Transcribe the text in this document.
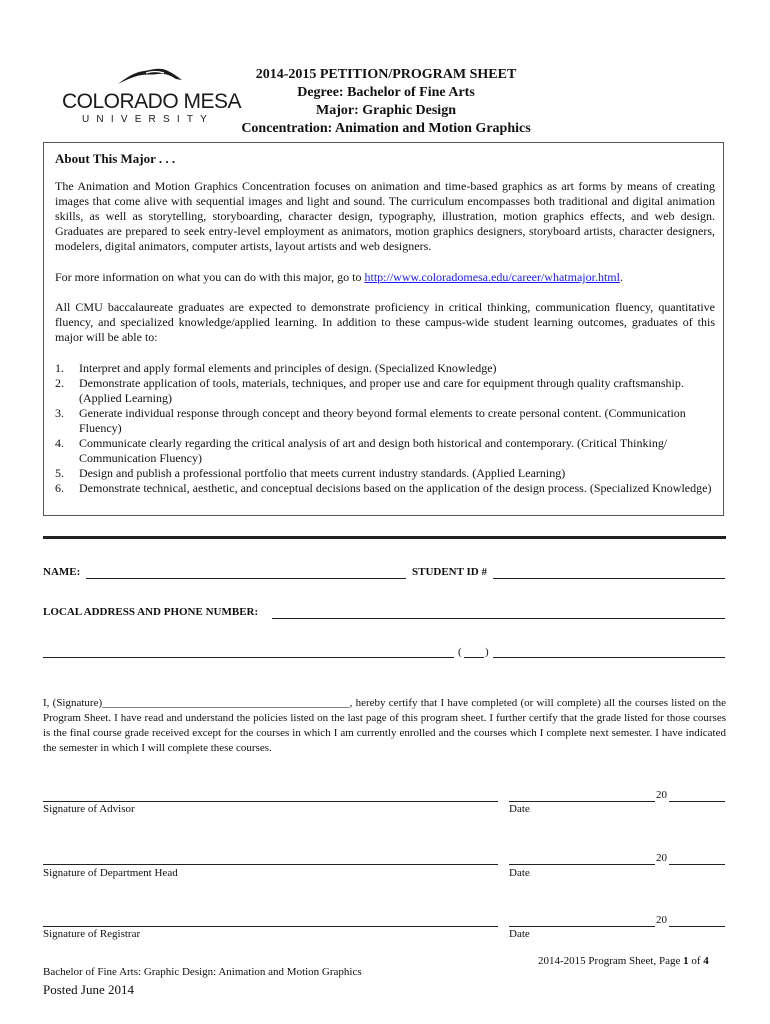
COLORADO MESA
UNIVERSITY
2014-2015 PETITION/PROGRAM SHEET
Degree: Bachelor of Fine Arts
Major: Graphic Design
Concentration: Animation and Motion Graphics
About This Major . . .
The Animation and Motion Graphics Concentration focuses on animation and time-based graphics as art forms by means of creating images that come alive with sequential images and light and sound. The curriculum encompasses both traditional and digital animation skills, as well as storytelling, storyboarding, character design, typography, illustration, motion graphics effects, and web design. Graduates are prepared to seek entry-level employment as animators, motion graphics designers, storyboard artists, character designers, modelers, digital animators, computer artists, layout artists and web designers.
For more information on what you can do with this major, go to http://www.coloradomesa.edu/career/whatmajor.html.
All CMU baccalaureate graduates are expected to demonstrate proficiency in critical thinking, communication fluency, quantitative fluency, and specialized knowledge/applied learning. In addition to these campus-wide student learning outcomes, graduates of this major will be able to:
1. Interpret and apply formal elements and principles of design. (Specialized Knowledge)
2. Demonstrate application of tools, materials, techniques, and proper use and care for equipment through quality craftsmanship. (Applied Learning)
3. Generate individual response through concept and theory beyond formal elements to create personal content. (Communication Fluency)
4. Communicate clearly regarding the critical analysis of art and design both historical and contemporary. (Critical Thinking/ Communication Fluency)
5. Design and publish a professional portfolio that meets current industry standards. (Applied Learning)
6. Demonstrate technical, aesthetic, and conceptual decisions based on the application of the design process. (Specialized Knowledge)
NAME:	STUDENT ID #
LOCAL ADDRESS AND PHONE NUMBER:
( )
I, (Signature)_____________________________________________, hereby certify that I have completed (or will complete) all the courses listed on the Program Sheet. I have read and understand the policies listed on the last page of this program sheet. I further certify that the grade listed for those courses is the final course grade received except for the courses in which I am currently enrolled and the courses which I complete next semester. I have indicated the semester in which I will complete these courses.
Signature of Advisor
20
Date
Signature of Department Head
20
Date
Signature of Registrar
20
Date
2014-2015 Program Sheet, Page 1 of 4
Bachelor of Fine Arts: Graphic Design: Animation and Motion Graphics
Posted June 2014
